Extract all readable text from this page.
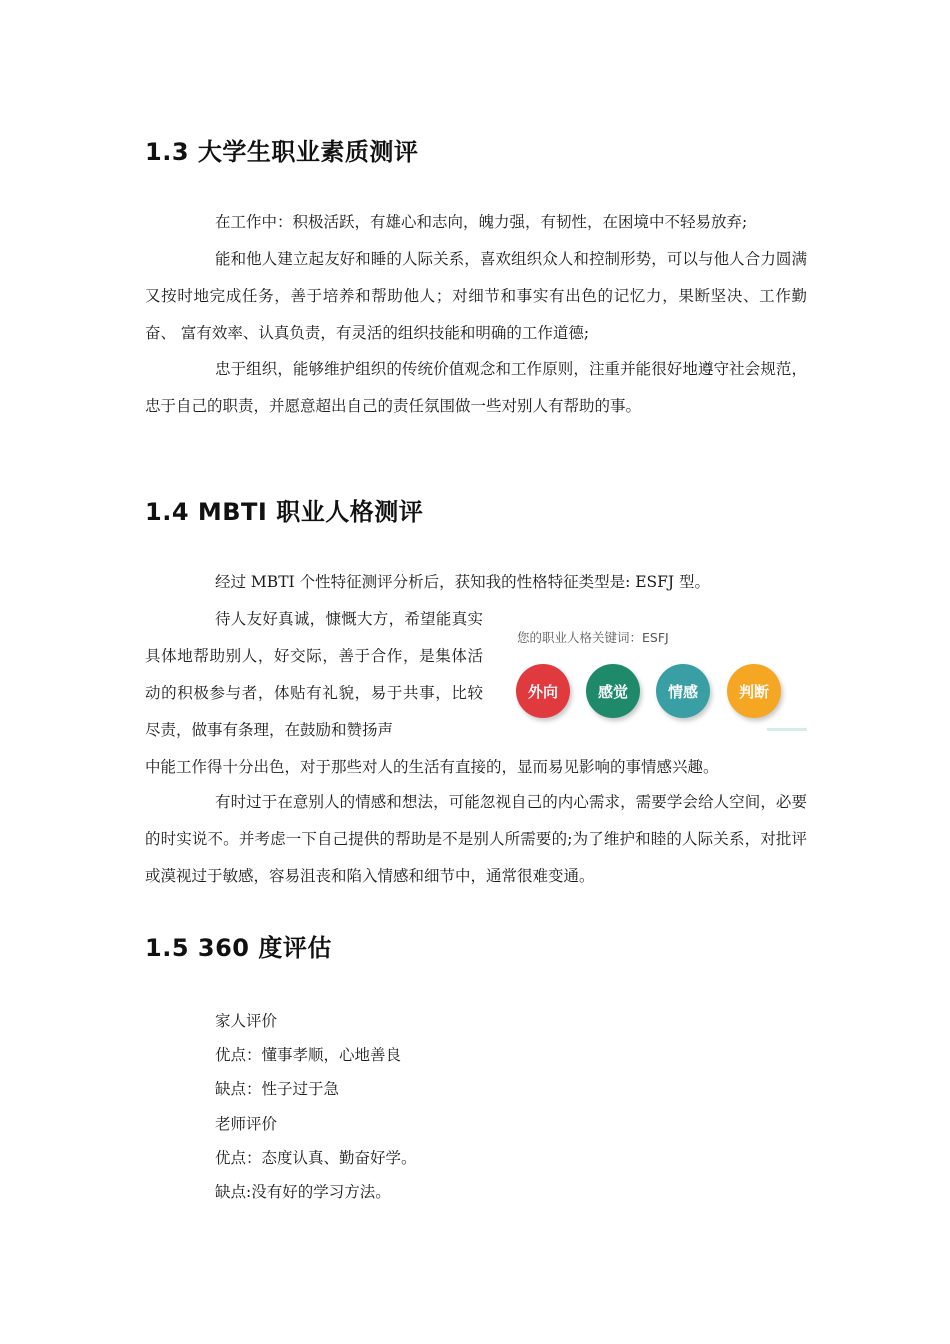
1.3 大学生职业素质测评

在工作中：积极活跃，有雄心和志向，魄力强，有韧性，在困境中不轻易放弃;

能和他人建立起友好和睡的人际关系，喜欢组织众人和控制形势，可以与他人合力圆满又按时地完成任务，善于培养和帮助他人；对细节和事实有出色的记忆力，果断坚决、工作勤奋、 富有效率、认真负责，有灵活的组织技能和明确的工作道德;

忠于组织，能够维护组织的传统价值观念和工作原则，注重并能很好地遵守社会规范，忠于自己的职责，并愿意超出自己的责任氛围做一些对别人有帮助的事。

1.4 MBTI 职业人格测评

经过 MBTI 个性特征测评分析后，获知我的性格特征类型是: ESFJ 型。

待人友好真诚，慷慨大方，希望能真实具体地帮助别人，好交际，善于合作，是集体活动的积极参与者，体贴有礼貌，易于共事，比较尽责，做事有条理，在鼓励和赞扬声

中能工作得十分出色，对于那些对人的生活有直接的，显而易见影响的事情感兴趣。

有时过于在意别人的情感和想法，可能忽视自己的内心需求，需要学会给人空间，必要的时实说不。并考虑一下自己提供的帮助是不是别人所需要的;为了维护和睦的人际关系，对批评或漠视过于敏感，容易沮丧和陷入情感和细节中，通常很难变通。

您的职业人格关键词：ESFJ
外向	感觉	情感	判断
1.5 360 度评估

家人评价

优点：懂事孝顺，心地善良

缺点：性子过于急

老师评价

优点：态度认真、勤奋好学。

缺点:没有好的学习方法。
